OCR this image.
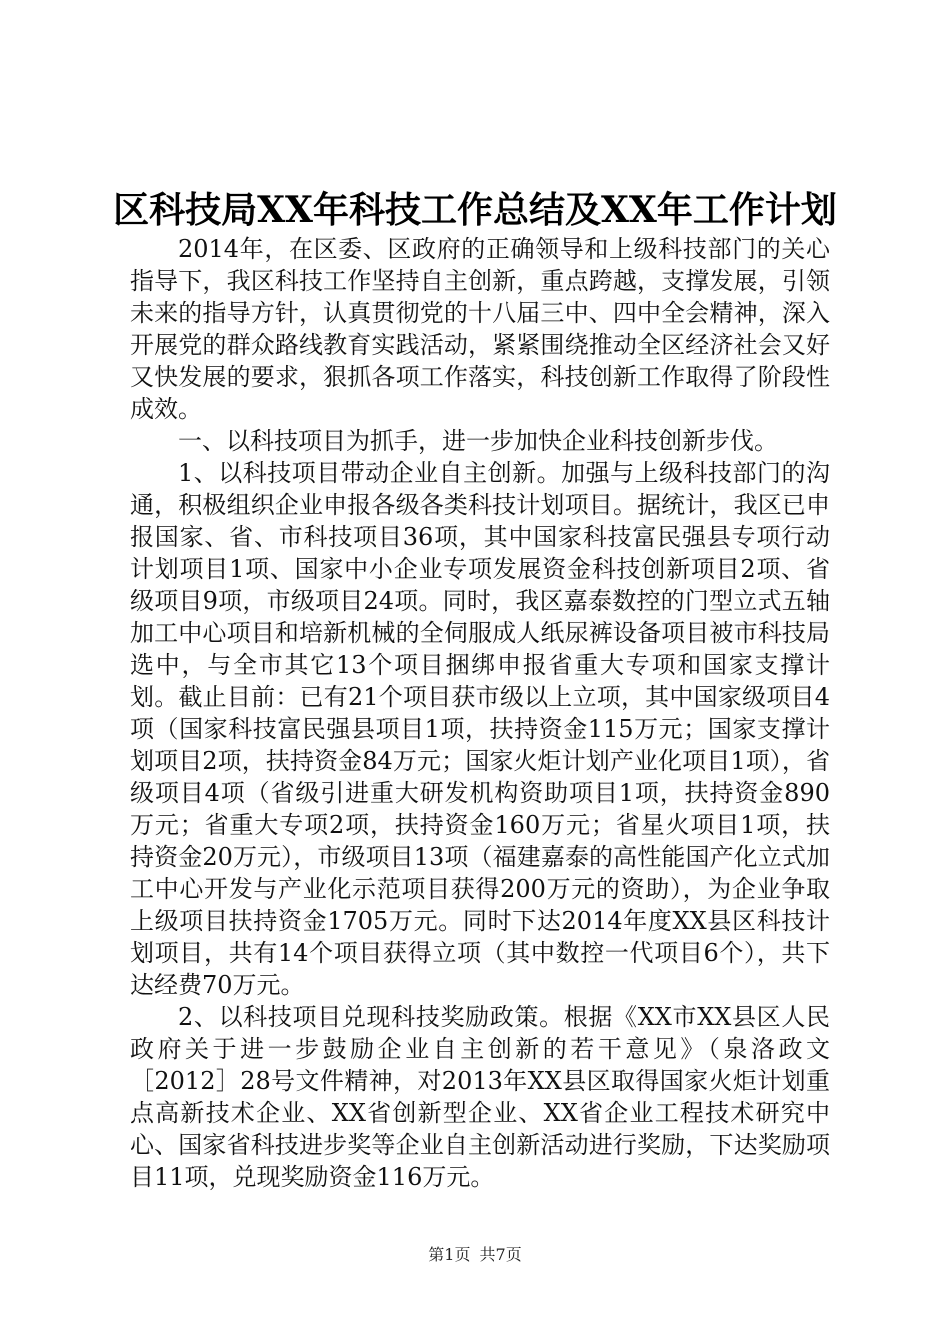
区科技局XX年科技工作总结及XX年工作计划

2014年，在区委、区政府的正确领导和上级科技部门的关心指导下，我区科技工作坚持自主创新，重点跨越，支撑发展，引领未来的指导方针，认真贯彻党的十八届三中、四中全会精神，深入开展党的群众路线教育实践活动，紧紧围绕推动全区经济社会又好又快发展的要求，狠抓各项工作落实，科技创新工作取得了阶段性成效。

一、以科技项目为抓手，进一步加快企业科技创新步伐。

1、以科技项目带动企业自主创新。加强与上级科技部门的沟通，积极组织企业申报各级各类科技计划项目。据统计，我区已申报国家、省、市科技项目36项，其中国家科技富民强县专项行动计划项目1项、国家中小企业专项发展资金科技创新项目2项、省级项目9项，市级项目24项。同时，我区嘉泰数控的门型立式五轴加工中心项目和培新机械的全伺服成人纸尿裤设备项目被市科技局选中，与全市其它13个项目捆绑申报省重大专项和国家支撑计划。截止目前：已有21个项目获市级以上立项，其中国家级项目4项（国家科技富民强县项目1项，扶持资金115万元；国家支撑计划项目2项，扶持资金84万元；国家火炬计划产业化项目1项），省级项目4项（省级引进重大研发机构资助项目1项，扶持资金890万元；省重大专项2项，扶持资金160万元；省星火项目1项，扶持资金20万元），市级项目13项（福建嘉泰的高性能国产化立式加工中心开发与产业化示范项目获得200万元的资助），为企业争取上级项目扶持资金1705万元。同时下达2014年度XX县区科技计划项目，共有14个项目获得立项（其中数控一代项目6个），共下达经费70万元。

2、以科技项目兑现科技奖励政策。根据《XX市XX县区人民政府关于进一步鼓励企业自主创新的若干意见》（泉洛政文［2012］28号文件精神，对2013年XX县区取得国家火炬计划重点高新技术企业、XX省创新型企业、XX省企业工程技术研究中心、国家省科技进步奖等企业自主创新活动进行奖励，下达奖励项目11项，兑现奖励资金116万元。

第1页 共7页
